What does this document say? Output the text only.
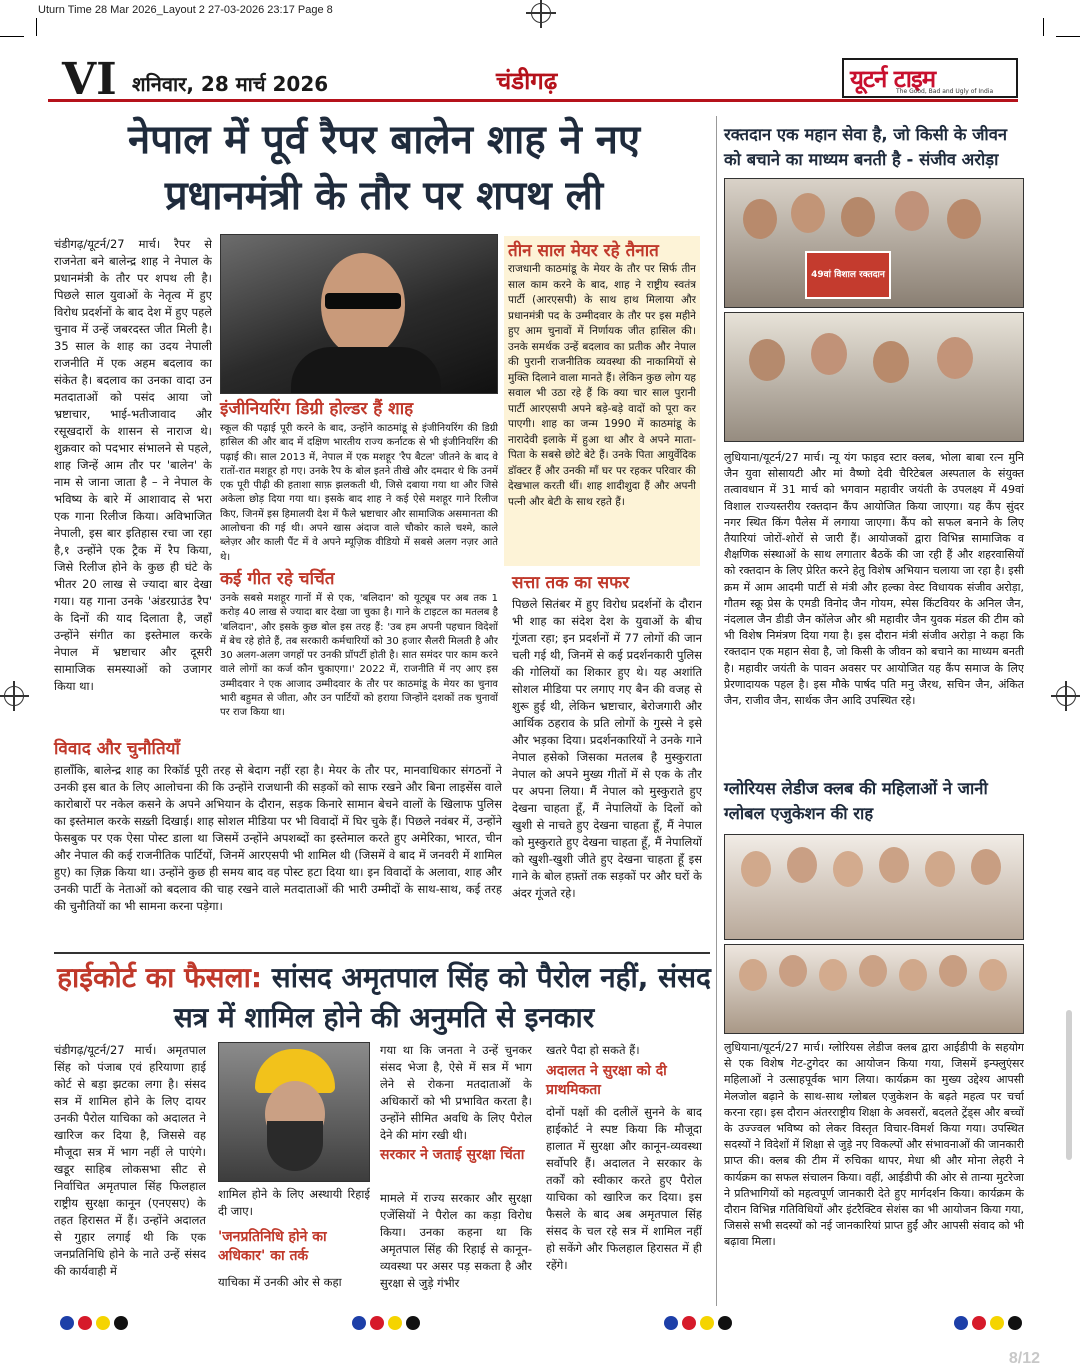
Uturn Time 28 Mar 2026_Layout 2 27-03-2026 23:17 Page 8
VI शनिवार, 28 मार्च 2026	चंडीगढ़	यूटर्न टाइम
The Good, Bad and Ugly of India
नेपाल में पूर्व रैपर बालेन शाह ने नए प्रधानमंत्री के तौर पर शपथ ली
चंडीगढ़/यूटर्न/27 मार्च। रैपर से राजनेता बने बालेन्द्र शाह ने नेपाल के प्रधानमंत्री के तौर पर शपथ ली है। पिछले साल युवाओं के नेतृत्व में हुए विरोध प्रदर्शनों के बाद देश में हुए पहले चुनाव में उन्हें जबरदस्त जीत मिली है। 35 साल के शाह का उदय नेपाली राजनीति में एक अहम बदलाव का संकेत है। बदलाव का उनका वादा उन मतदाताओं को पसंद आया जो भ्रष्टाचार, भाई-भतीजावाद और रसूखदारों के शासन से नाराज थे। शुक्रवार को पदभार संभालने से पहले, शाह जिन्हें आम तौर पर 'बालेन' के नाम से जाना जाता है – ने नेपाल के भविष्य के बारे में आशावाद से भरा एक गाना रिलीज किया। अविभाजित नेपाली, इस बार इतिहास रचा जा रहा है,१ उन्होंने एक ट्रैक में रैप किया, जिसे रिलीज होने के कुछ ही घंटे के भीतर 20 लाख से ज्यादा बार देखा गया। यह गाना उनके 'अंडरग्राउंड रैप' के दिनों की याद दिलाता है, जहाँ उन्होंने संगीत का इस्तेमाल करके नेपाल में भ्रष्टाचार और दूसरी सामाजिक समस्याओं को उजागर किया था।
इंजीनियरिंग डिग्री होल्डर हैं शाह
स्कूल की पढ़ाई पूरी करने के बाद, उन्होंने काठमांडू से इंजीनियरिंग की डिग्री हासिल की और बाद में दक्षिण भारतीय राज्य कर्नाटक से भी इंजीनियरिंग की पढ़ाई की। साल 2013 में, नेपाल में एक मशहूर 'रैप बैटल' जीतने के बाद वे रातों-रात मशहूर हो गए। उनके रैप के बोल इतने तीखे और दमदार थे कि उनमें एक पूरी पीढ़ी की हताशा साफ़ झलकती थी, जिसे दबाया गया था और जिसे अकेला छोड़ दिया गया था। इसके बाद शाह ने कई ऐसे मशहूर गाने रिलीज किए, जिनमें इस हिमालयी देश में फैले भ्रष्टाचार और सामाजिक असमानता की आलोचना की गई थी। अपने खास अंदाज वाले चौकोर काले चश्मे, काले ब्लेज़र और काली पैंट में वे अपने म्यूज़िक वीडियो में सबसे अलग नज़र आते थे।
कई गीत रहे चर्चित
उनके सबसे मशहूर गानों में से एक, 'बलिदान' को यूट्यूब पर अब तक 1 करोड़ 40 लाख से ज्यादा बार देखा जा चुका है। गाने के टाइटल का मतलब है 'बलिदान', और इसके कुछ बोल इस तरह हैं: 'उब हम अपनी पहचान विदेशों में बेच रहे होते हैं, तब सरकारी कर्मचारियों को 30 हजार सैलरी मिलती है और 30 अलग-अलग जगहों पर उनकी प्रॉपर्टी होती है। सात समंदर पार काम करने वाले लोगों का कर्ज कौन चुकाएगा।' 2022 में, राजनीति में नए आए इस उम्मीदवार ने एक आजाद उम्मीदवार के तौर पर काठमांडू के मेयर का चुनाव भारी बहुमत से जीता, और उन पार्टियों को हराया जिन्होंने दशकों तक चुनावों पर राज किया था।
तीन साल मेयर रहे तैनात
राजधानी काठमांडू के मेयर के तौर पर सिर्फ तीन साल काम करने के बाद, शाह ने राष्ट्रीय स्वतंत्र पार्टी (आरएसपी) के साथ हाथ मिलाया और प्रधानमंत्री पद के उम्मीदवार के तौर पर इस महीने हुए आम चुनावों में निर्णायक जीत हासिल की। उनके समर्थक उन्हें बदलाव का प्रतीक और नेपाल की पुरानी राजनीतिक व्यवस्था की नाकामियों से मुक्ति दिलाने वाला मानते हैं। लेकिन कुछ लोग यह सवाल भी उठा रहे हैं कि क्या चार साल पुरानी पार्टी आरएसपी अपने बड़े-बड़े वादों को पूरा कर पाएगी। शाह का जन्म 1990 में काठमांडू के नारादेवी इलाके में हुआ था और वे अपने माता-पिता के सबसे छोटे बेटे हैं। उनके पिता आयुर्वेदिक डॉक्टर हैं और उनकी माँ घर पर रहकर परिवार की देखभाल करती थीं। शाह शादीशुदा हैं और अपनी पत्नी और बेटी के साथ रहते हैं।
सत्ता तक का सफर
पिछले सितंबर में हुए विरोध प्रदर्शनों के दौरान भी शाह का संदेश देश के युवाओं के बीच गूंजता रहा; इन प्रदर्शनों में 77 लोगों की जान चली गई थी, जिनमें से कई प्रदर्शनकारी पुलिस की गोलियों का शिकार हुए थे। यह अशांति सोशल मीडिया पर लगाए गए बैन की वजह से शुरू हुई थी, लेकिन भ्रष्टाचार, बेरोजगारी और आर्थिक ठहराव के प्रति लोगों के गुस्से ने इसे और भड़का दिया। प्रदर्शनकारियों ने उनके गाने नेपाल हसेको जिसका मतलब है मुस्कुराता नेपाल को अपने मुख्य गीतों में से एक के तौर पर अपना लिया। मैं नेपाल को मुस्कुराते हुए देखना चाहता हूँ, मैं नेपालियों के दिलों को खुशी से नाचते हुए देखना चाहता हूँ, मैं नेपाल को मुस्कुराते हुए देखना चाहता हूँ, मैं नेपालियों को खुशी-खुशी जीते हुए देखना चाहता हूँ इस गाने के बोल हफ़्तों तक सड़कों पर और घरों के अंदर गूंजते रहे।
विवाद और चुनौतियाँ
हालाँकि, बालेन्द्र शाह का रिकॉर्ड पूरी तरह से बेदाग नहीं रहा है। मेयर के तौर पर, मानवाधिकार संगठनों ने उनकी इस बात के लिए आलोचना की कि उन्होंने राजधानी की सड़कों को साफ रखने और बिना लाइसेंस वाले कारोबारों पर नकेल कसने के अपने अभियान के दौरान, सड़क किनारे सामान बेचने वालों के खिलाफ पुलिस का इस्तेमाल करके सख़्ती दिखाई। शाह सोशल मीडिया पर भी विवादों में घिर चुके हैं। पिछले नवंबर में, उन्होंने फेसबुक पर एक ऐसा पोस्ट डाला था जिसमें उन्होंने अपशब्दों का इस्तेमाल करते हुए अमेरिका, भारत, चीन और नेपाल की कई राजनीतिक पार्टियों, जिनमें आरएसपी भी शामिल थी (जिसमें वे बाद में जनवरी में शामिल हुए) का ज़िक्र किया था। उन्होंने कुछ ही समय बाद वह पोस्ट हटा दिया था। इन विवादों के अलावा, शाह और उनकी पार्टी के नेताओं को बदलाव की चाह रखने वाले मतदाताओं की भारी उम्मीदों के साथ-साथ, कई तरह की चुनौतियों का भी सामना करना पड़ेगा।
हाईकोर्ट का फैसला: सांसद अमृतपाल सिंह को पैरोल नहीं, संसद सत्र में शामिल होने की अनुमति से इनकार
चंडीगढ़/यूटर्न/27 मार्च। अमृतपाल सिंह को पंजाब एवं हरियाणा हाई कोर्ट से बड़ा झटका लगा है। संसद सत्र में शामिल होने के लिए दायर उनकी पैरोल याचिका को अदालत ने खारिज कर दिया है, जिससे वह मौजूदा सत्र में भाग नहीं ले पाएंगे। खडूर साहिब लोकसभा सीट से निर्वाचित अमृतपाल सिंह फिलहाल राष्ट्रीय सुरक्षा कानून (एनएसए) के तहत हिरासत में हैं। उन्होंने अदालत से गुहार लगाई थी कि एक जनप्रतिनिधि होने के नाते उन्हें संसद की कार्यवाही में
शामिल होने के लिए अस्थायी रिहाई दी जाए।
'जनप्रतिनिधि होने का अधिकार' का तर्क
याचिका में उनकी ओर से कहा
गया था कि जनता ने उन्हें चुनकर संसद भेजा है, ऐसे में सत्र में भाग लेने से रोकना मतदाताओं के अधिकारों को भी प्रभावित करता है। उन्होंने सीमित अवधि के लिए पैरोल देने की मांग रखी थी।
सरकार ने जताई सुरक्षा चिंता
मामले में राज्य सरकार और सुरक्षा एजेंसियों ने पैरोल का कड़ा विरोध किया। उनका कहना था कि अमृतपाल सिंह की रिहाई से कानून-व्यवस्था पर असर पड़ सकता है और सुरक्षा से जुड़े गंभीर
खतरे पैदा हो सकते हैं।
अदालत ने सुरक्षा को दी प्राथमिकता
दोनों पक्षों की दलीलें सुनने के बाद हाईकोर्ट ने स्पष्ट किया कि मौजूदा हालात में सुरक्षा और कानून-व्यवस्था सर्वोपरि हैं। अदालत ने सरकार के तर्कों को स्वीकार करते हुए पैरोल याचिका को खारिज कर दिया। इस फैसले के बाद अब अमृतपाल सिंह संसद के चल रहे सत्र में शामिल नहीं हो सकेंगे और फिलहाल हिरासत में ही रहेंगे।
रक्तदान एक महान सेवा है, जो किसी के जीवन को बचाने का माध्यम बनती है - संजीव अरोड़ा
49वां विशाल रक्तदान
लुधियाना/यूटर्न/27 मार्च। न्यू यंग फाइव स्टार क्लब, भोला बाबा रत्न मुनि जैन युवा सोसायटी और मां वैष्णो देवी चैरिटेबल अस्पताल के संयुक्त तत्वावधान में 31 मार्च को भगवान महावीर जयंती के उपलक्ष्य में 49वां विशाल राज्यस्तरीय रक्तदान कैंप आयोजित किया जाएगा। यह कैंप सुंदर नगर स्थित किंग पैलेस में लगाया जाएगा। कैंप को सफल बनाने के लिए तैयारियां जोरों-शोरों से जारी हैं। आयोजकों द्वारा विभिन्न सामाजिक व शैक्षणिक संस्थाओं के साथ लगातार बैठकें की जा रही हैं और शहरवासियों को रक्तदान के लिए प्रेरित करने हेतु विशेष अभियान चलाया जा रहा है। इसी क्रम में आम आदमी पार्टी से मंत्री और हल्का वेस्ट विधायक संजीव अरोड़ा, गौतम स्क्रू प्रेस के एमडी विनोद जैन गोयम, स्पेस किंटवियर के अनिल जैन, नंदलाल जैन डीडी जैन कॉलेज और श्री महावीर जैन युवक मंडल की टीम को भी विशेष निमंत्रण दिया गया है। इस दौरान मंत्री संजीव अरोड़ा ने कहा कि रक्तदान एक महान सेवा है, जो किसी के जीवन को बचाने का माध्यम बनती है। महावीर जयंती के पावन अवसर पर आयोजित यह कैंप समाज के लिए प्रेरणादायक पहल है। इस मौके पार्षद पति मनु जैरथ, सचिन जैन, अंकित जैन, राजीव जैन, सार्थक जैन आदि उपस्थित रहे।
ग्लोरियस लेडीज क्लब की महिलाओं ने जानी ग्लोबल एजुकेशन की राह
लुधियाना/यूटर्न/27 मार्च। ग्लोरियस लेडीज क्लब द्वारा आईडीपी के सहयोग से एक विशेष गेट-टुगेदर का आयोजन किया गया, जिसमें इन्फ्लुएंसर महिलाओं ने उत्साहपूर्वक भाग लिया। कार्यक्रम का मुख्य उद्देश्य आपसी मेलजोल बढ़ाने के साथ-साथ ग्लोबल एजुकेशन के बढ़ते महत्व पर चर्चा करना रहा। इस दौरान अंतरराष्ट्रीय शिक्षा के अवसरों, बदलते ट्रेंड्स और बच्चों के उज्ज्वल भविष्य को लेकर विस्तृत विचार-विमर्श किया गया। उपस्थित सदस्यों ने विदेशों में शिक्षा से जुड़े नए विकल्पों और संभावनाओं की जानकारी प्राप्त की। क्लब की टीम में रुचिका थापर, मेधा श्री और मोना लेहरी ने कार्यक्रम का सफल संचालन किया। वहीं, आईडीपी की ओर से तान्या मुटरेजा ने प्रतिभागियों को महत्वपूर्ण जानकारी देते हुए मार्गदर्शन किया। कार्यक्रम के दौरान विभिन्न गतिविधियों और इंटरैक्टिव सेशंस का भी आयोजन किया गया, जिससे सभी सदस्यों को नई जानकारियां प्राप्त हुईं और आपसी संवाद को भी बढ़ावा मिला।
8/12
